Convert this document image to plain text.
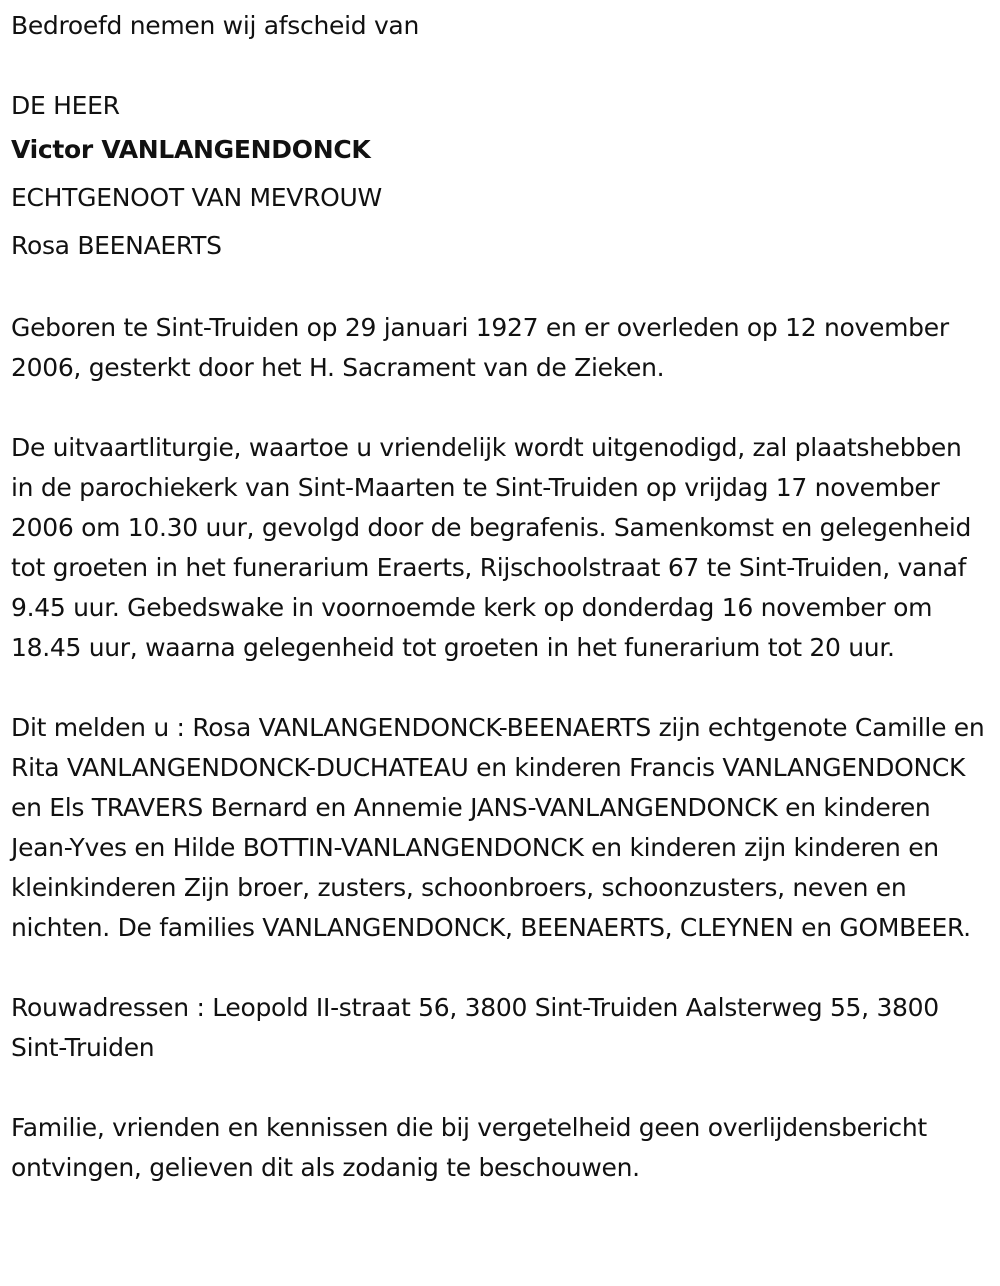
Bedroefd nemen wij afscheid van
DE HEER
Victor VANLANGENDONCK
ECHTGENOOT VAN MEVROUW
Rosa BEENAERTS
Geboren te Sint-Truiden op 29 januari 1927 en er overleden op 12 november 2006, gesterkt door het H. Sacrament van de Zieken.
De uitvaartliturgie, waartoe u vriendelijk wordt uitgenodigd, zal plaatshebben in de parochiekerk van Sint-Maarten te Sint-Truiden op vrijdag 17 november 2006 om 10.30 uur, gevolgd door de begrafenis. Samenkomst en gelegenheid tot groeten in het funerarium Eraerts, Rijschoolstraat 67 te Sint-Truiden, vanaf 9.45 uur. Gebedswake in voornoemde kerk op donderdag 16 november om 18.45 uur, waarna gelegenheid tot groeten in het funerarium tot 20 uur.
Dit melden u : Rosa VANLANGENDONCK-BEENAERTS zijn echtgenote Camille en Rita VANLANGENDONCK-DUCHATEAU en kinderen Francis VANLANGENDONCK en Els TRAVERS Bernard en Annemie JANS-VANLANGENDONCK en kinderen Jean-Yves en Hilde BOTTIN-VANLANGENDONCK en kinderen zijn kinderen en kleinkinderen Zijn broer, zusters, schoonbroers, schoonzusters, neven en nichten. De families VANLANGENDONCK, BEENAERTS, CLEYNEN en GOMBEER.
Rouwadressen : Leopold II-straat 56, 3800 Sint-Truiden Aalsterweg 55, 3800 Sint-Truiden
Familie, vrienden en kennissen die bij vergetelheid geen overlijdensbericht ontvingen, gelieven dit als zodanig te beschouwen.
